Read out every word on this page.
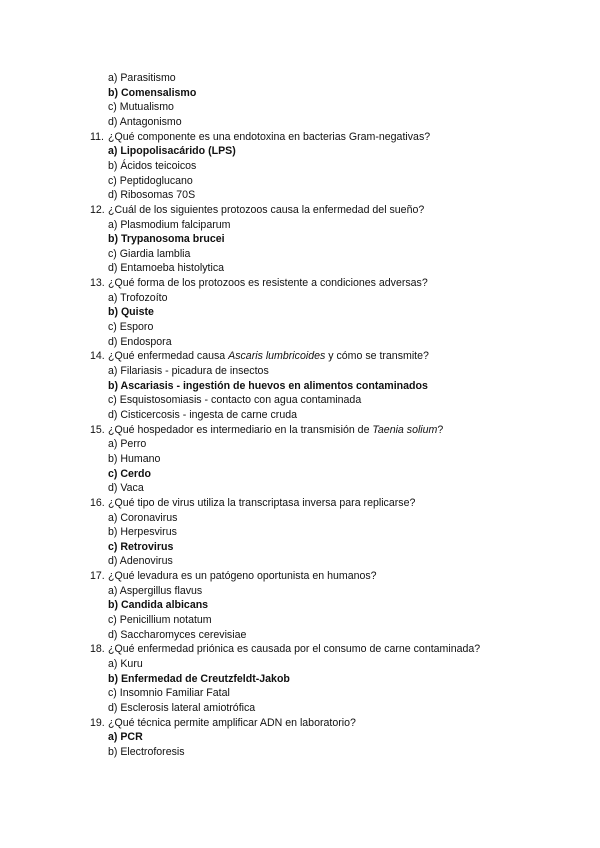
a) Parasitismo
b) Comensalismo
c) Mutualismo
d) Antagonismo
11. ¿Qué componente es una endotoxina en bacterias Gram-negativas?
a) Lipopolisacárido (LPS)
b) Ácidos teicoicos
c) Peptidoglucano
d) Ribosomas 70S
12. ¿Cuál de los siguientes protozoos causa la enfermedad del sueño?
a) Plasmodium falciparum
b) Trypanosoma brucei
c) Giardia lamblia
d) Entamoeba histolytica
13. ¿Qué forma de los protozoos es resistente a condiciones adversas?
a) Trofozoíto
b) Quiste
c) Esporo
d) Endospora
14. ¿Qué enfermedad causa Ascaris lumbricoides y cómo se transmite?
a) Filariasis - picadura de insectos
b) Ascariasis - ingestión de huevos en alimentos contaminados
c) Esquistosomiasis - contacto con agua contaminada
d) Cisticercosis - ingesta de carne cruda
15. ¿Qué hospedador es intermediario en la transmisión de Taenia solium?
a) Perro
b) Humano
c) Cerdo
d) Vaca
16. ¿Qué tipo de virus utiliza la transcriptasa inversa para replicarse?
a) Coronavirus
b) Herpesvirus
c) Retrovirus
d) Adenovirus
17. ¿Qué levadura es un patógeno oportunista en humanos?
a) Aspergillus flavus
b) Candida albicans
c) Penicillium notatum
d) Saccharomyces cerevisiae
18. ¿Qué enfermedad priónica es causada por el consumo de carne contaminada?
a) Kuru
b) Enfermedad de Creutzfeldt-Jakob
c) Insomnio Familiar Fatal
d) Esclerosis lateral amiotrófica
19. ¿Qué técnica permite amplificar ADN en laboratorio?
a) PCR
b) Electroforesis
